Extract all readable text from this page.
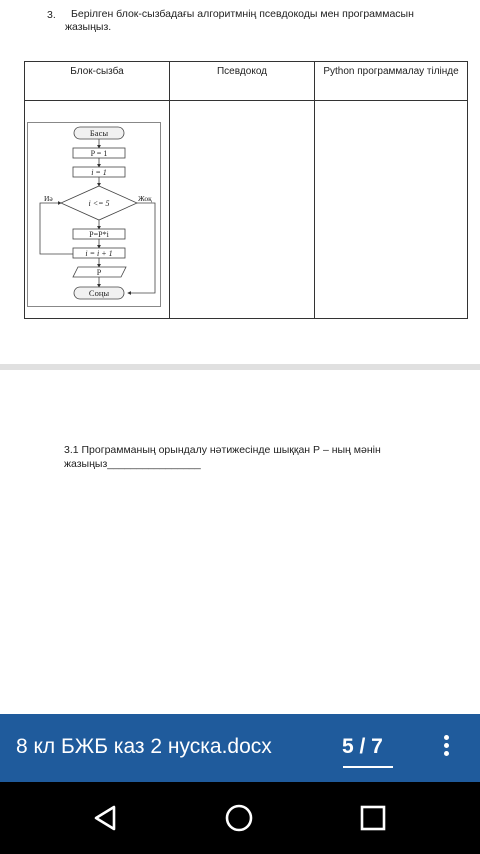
3.	Берілген блок-сызбадағы алгоритмнің псевдокоды мен программасын жазыңыз.
Блок-сызба	Псевдокод	Python программалау тілінде

Басы
P = 1
i = 1
i <= 5
Иә	Жоқ
P=P*i
i = i + 1
P
Соңы
3.1 Программаның орындалу нәтижесінде шыққан Р – ның мәнін жазыңыз________________
8 кл БЖБ каз 2 нуска.docx	5 / 7
